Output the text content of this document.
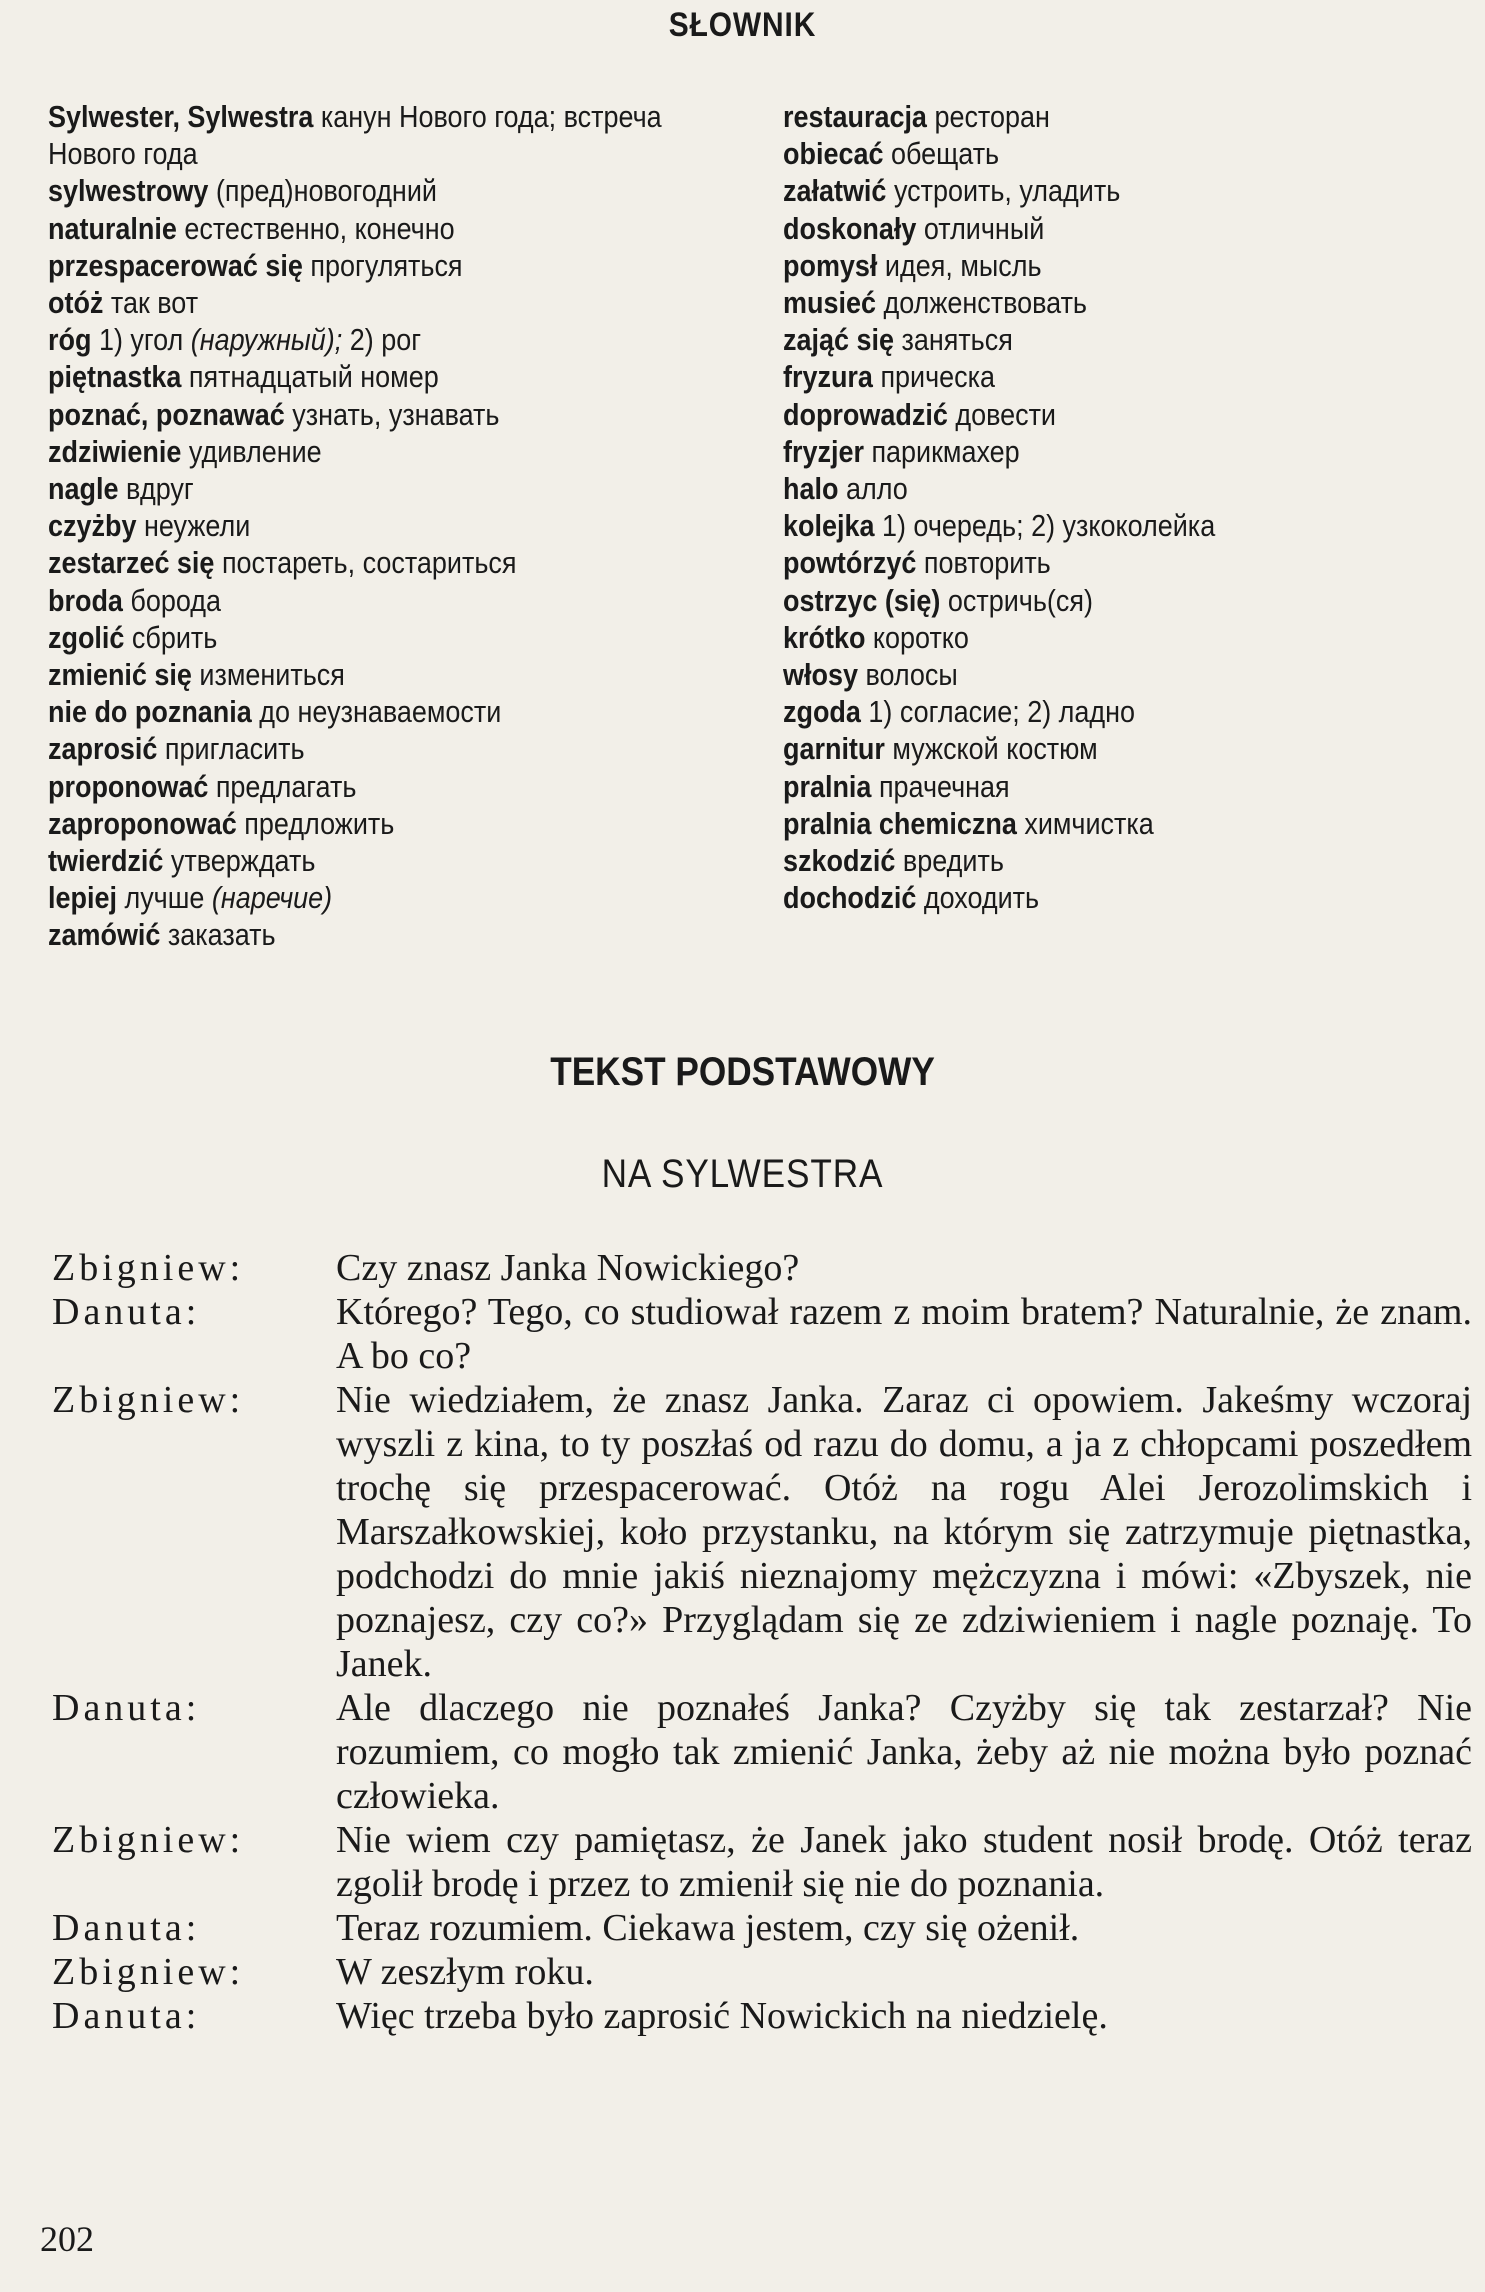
SŁOWNIK
Sylwester, Sylwestra канун Нового года; встреча Нового года
sylwestrowy (пред)новогодний
naturalnie естественно, конечно
przespacerować się прогуляться
otóż так вот
róg 1) угол (наружный); 2) рог
piętnastka пятнадцатый номер
poznać, poznawać узнать, узнавать
zdziwienie удивление
nagle вдруг
czyżby неужели
zestarzeć się постареть, состариться
broda борода
zgolić сбрить
zmienić się измениться
nie do poznania до неузнаваемости
zaprosić пригласить
proponować предлагать
zaproponować предложить
twierdzić утверждать
lepiej лучше (наречие)
zamówić заказать
restauracja ресторан
obiecać обещать
załatwić устроить, уладить
doskonały отличный
pomysł идея, мысль
musieć долженствовать
zająć się заняться
fryzura прическа
doprowadzić довести
fryzjer парикмахер
halo алло
kolejka 1) очередь; 2) узкоколейка
powtórzyć повторить
ostrzyc (się) остричь(ся)
krótko коротко
włosy волосы
zgoda 1) согласие; 2) ладно
garnitur мужской костюм
pralnia прачечная
pralnia chemiczna химчистка
szkodzić вредить
dochodzić доходить
TEKST PODSTAWOWY
NA SYLWESTRA
Zbigniew:	Czy znasz Janka Nowickiego?
Danuta:	Którego? Tego, co studiował razem z moim bratem? Naturalnie, że znam. A bo co?
Zbigniew:	Nie wiedziałem, że znasz Janka. Zaraz ci opowiem. Jakeśmy wczoraj wyszli z kina, to ty poszłaś od razu do domu, a ja z chłopcami poszedłem trochę się przespacerować. Otóż na rogu Alei Jerozolimskich i Marszałkowskiej, koło przystanku, na którym się zatrzymuje piętnastka, podchodzi do mnie jakiś nieznajomy mężczyzna i mówi: «Zbyszek, nie poznajesz, czy co?» Przyglądam się ze zdziwieniem i nagle poznaję. To Janek.
Danuta:	Ale dlaczego nie poznałeś Janka? Czyżby się tak zestarzał? Nie rozumiem, co mogło tak zmienić Janka, żeby aż nie można było poznać człowieka.
Zbigniew:	Nie wiem czy pamiętasz, że Janek jako student nosił brodę. Otóż teraz zgolił brodę i przez to zmienił się nie do poznania.
Danuta:	Teraz rozumiem. Ciekawa jestem, czy się ożenił.
Zbigniew:	W zeszłym roku.
Danuta:	Więc trzeba było zaprosić Nowickich na niedzielę.
202
